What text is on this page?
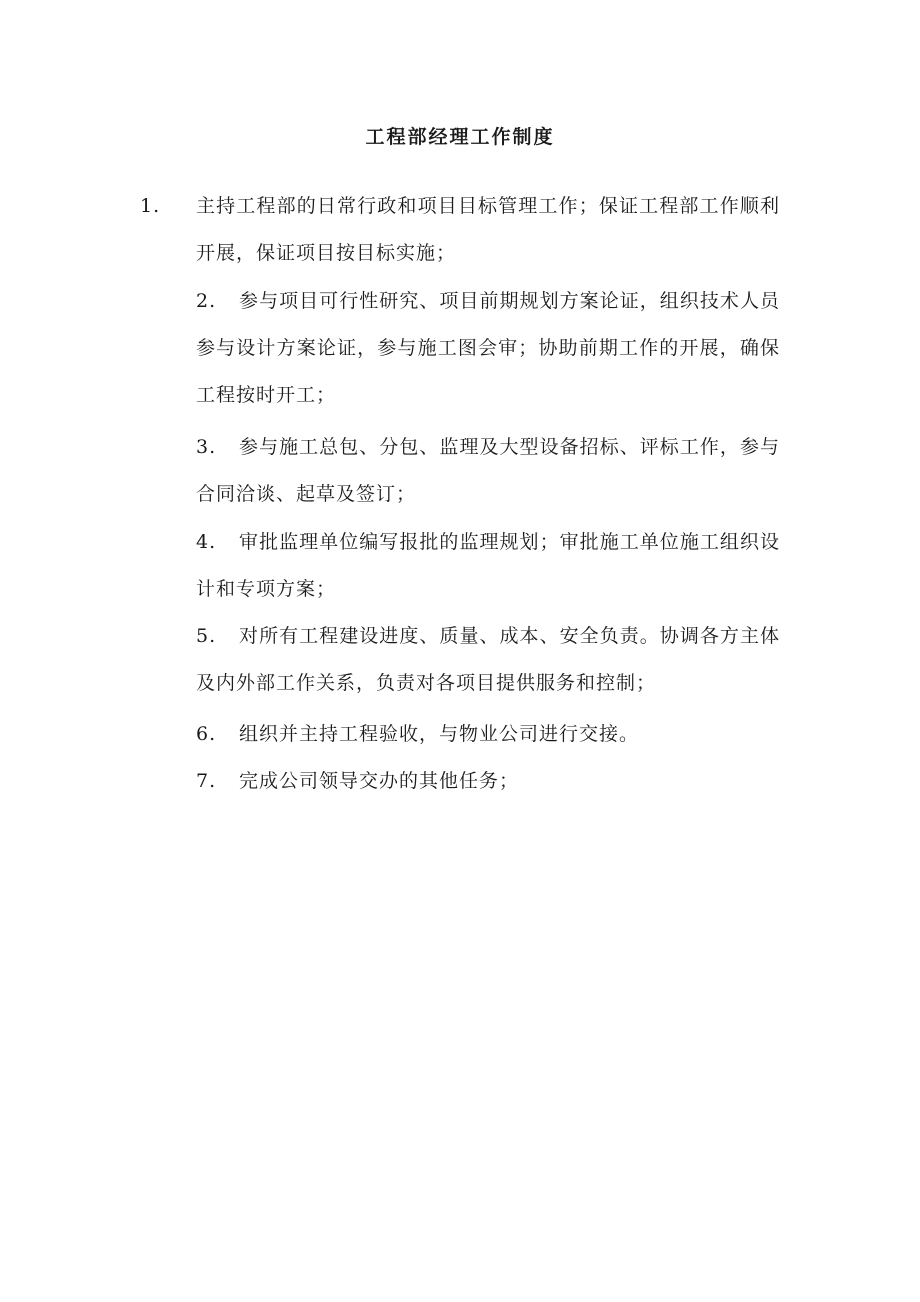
工程部经理工作制度
1. 主持工程部的日常行政和项目目标管理工作；保证工程部工作顺利开展，保证项目按目标实施；
2. 参与项目可行性研究、项目前期规划方案论证，组织技术人员参与设计方案论证，参与施工图会审；协助前期工作的开展，确保工程按时开工；
3. 参与施工总包、分包、监理及大型设备招标、评标工作，参与合同洽谈、起草及签订；
4. 审批监理单位编写报批的监理规划；审批施工单位施工组织设计和专项方案；
5. 对所有工程建设进度、质量、成本、安全负责。协调各方主体及内外部工作关系，负责对各项目提供服务和控制；
6. 组织并主持工程验收，与物业公司进行交接。
7. 完成公司领导交办的其他任务；
